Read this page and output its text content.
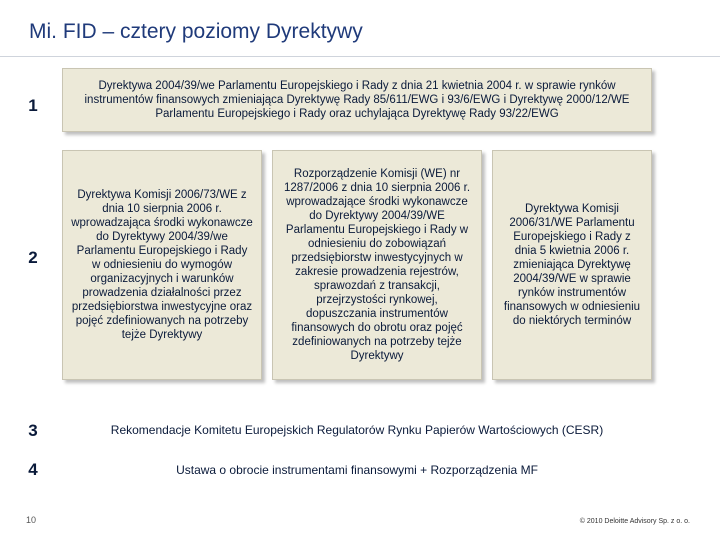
Mi. FID – cztery poziomy Dyrektywy
1
Dyrektywa 2004/39/we Parlamentu Europejskiego i Rady z dnia 21 kwietnia 2004 r. w sprawie rynków instrumentów finansowych zmieniająca Dyrektywę Rady 85/611/EWG i 93/6/EWG i Dyrektywę 2000/12/WE Parlamentu Europejskiego i Rady oraz uchylająca Dyrektywę Rady 93/22/EWG
2
Dyrektywa Komisji 2006/73/WE z dnia 10 sierpnia 2006 r. wprowadzająca środki wykonawcze do Dyrektywy 2004/39/we Parlamentu Europejskiego i Rady w odniesieniu do wymogów organizacyjnych i warunków prowadzenia działalności przez przedsiębiorstwa inwestycyjne oraz pojęć zdefiniowanych na potrzeby tejże Dyrektywy
Rozporządzenie Komisji (WE) nr 1287/2006 z dnia 10 sierpnia 2006 r. wprowadzające środki wykonawcze do Dyrektywy 2004/39/WE Parlamentu Europejskiego i Rady w odniesieniu do zobowiązań przedsiębiorstw inwestycyjnych w zakresie prowadzenia rejestrów, sprawozdań z transakcji, przejrzystości rynkowej, dopuszczania instrumentów finansowych do obrotu oraz pojęć zdefiniowanych na potrzeby tejże Dyrektywy
Dyrektywa Komisji 2006/31/WE Parlamentu Europejskiego i Rady z dnia 5 kwietnia 2006 r. zmieniająca Dyrektywę 2004/39/WE w sprawie rynków instrumentów finansowych w odniesieniu do niektórych terminów
3	Rekomendacje Komitetu Europejskich Regulatorów Rynku Papierów Wartościowych (CESR)
4	Ustawa o obrocie instrumentami finansowymi + Rozporządzenia MF
10	© 2010 Deloitte Advisory Sp. z o. o.
